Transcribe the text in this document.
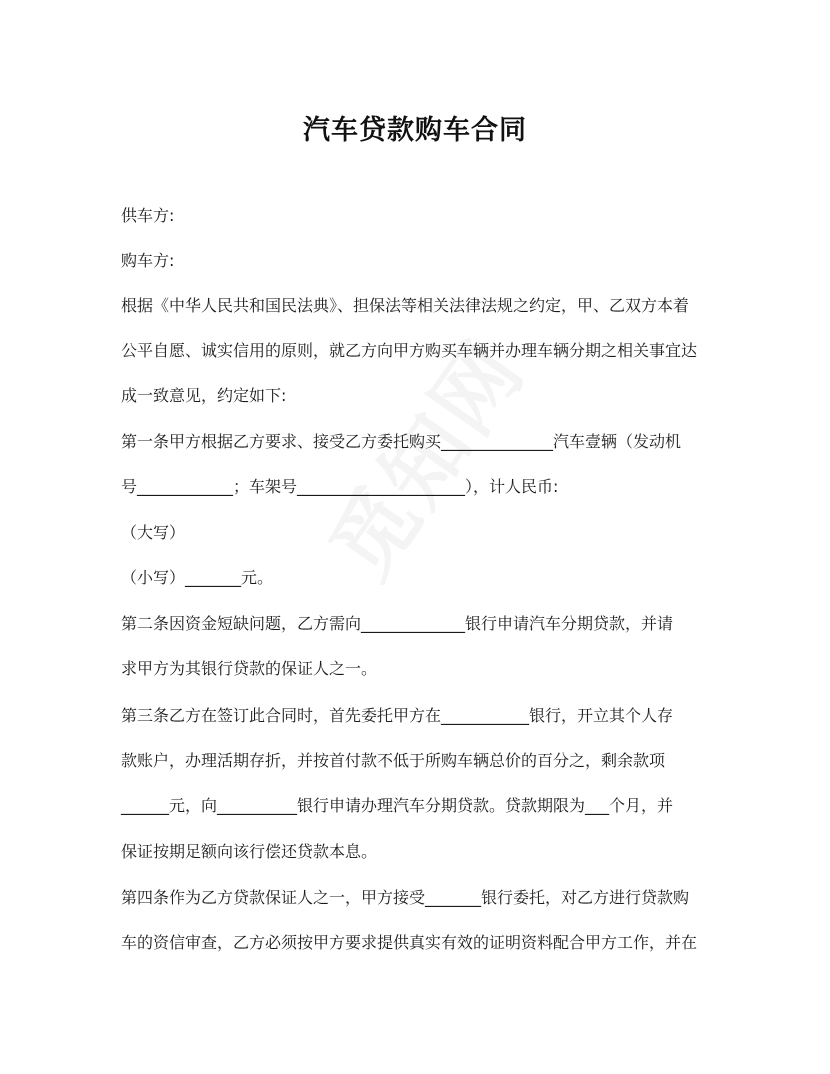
汽车贷款购车合同
供车方:
购车方:
根据《中华人民共和国民法典》、担保法等相关法律法规之约定，甲、乙双方本着
公平自愿、诚实信用的原则，就乙方向甲方购买车辆并办理车辆分期之相关事宜达
成一致意见，约定如下:
第一条甲方根据乙方要求、接受乙方委托购买______________汽车壹辆（发动机
号____________；车架号_____________________），计人民币:
（大写）
（小写）_______元。
第二条因资金短缺问题，乙方需向_____________银行申请汽车分期贷款，并请
求甲方为其银行贷款的保证人之一。
第三条乙方在签订此合同时，首先委托甲方在___________银行，开立其个人存
款账户，办理活期存折，并按首付款不低于所购车辆总价的百分之，剩余款项
______元，向__________银行申请办理汽车分期贷款。贷款期限为___个月，并
保证按期足额向该行偿还贷款本息。
第四条作为乙方贷款保证人之一，甲方接受_______银行委托，对乙方进行贷款购
车的资信审查，乙方必须按甲方要求提供真实有效的证明资料配合甲方工作，并在
